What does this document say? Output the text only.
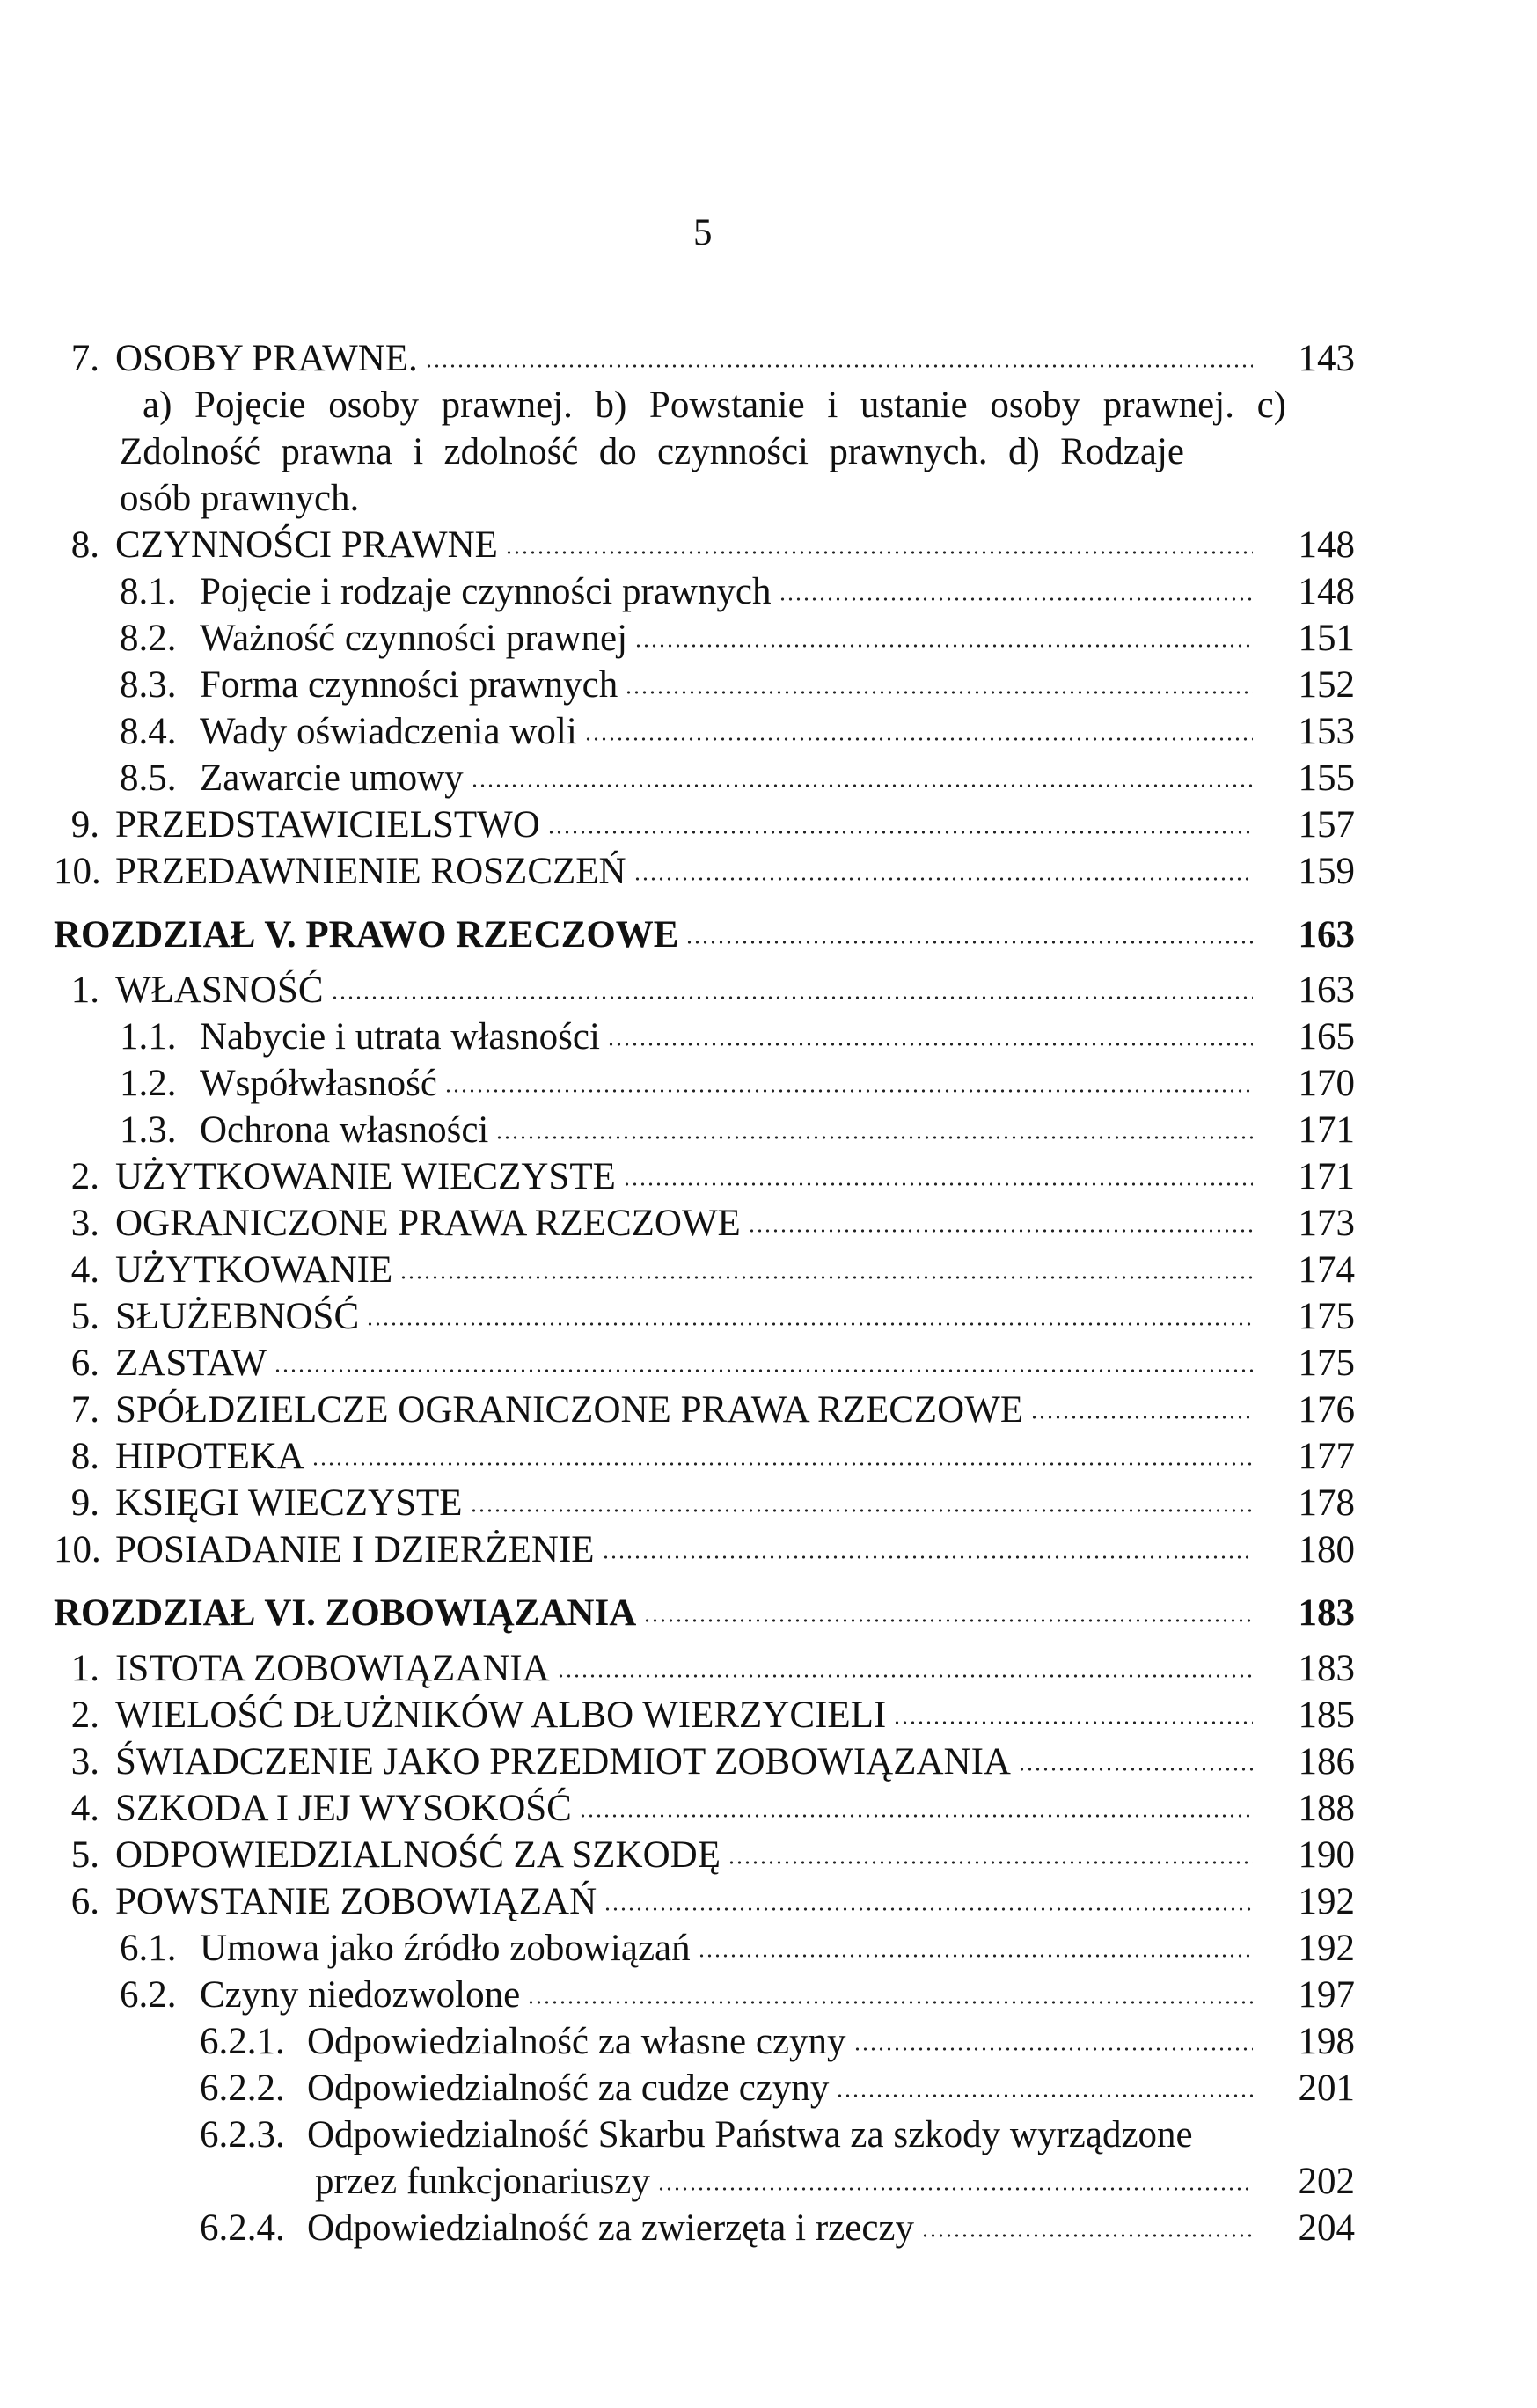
5
7. OSOBY PRAWNE.	143
a) Pojęcie osoby prawnej. b) Powstanie i ustanie osoby prawnej. c)
Zdolność prawna i zdolność do czynności prawnych. d) Rodzaje
osób prawnych.
8. CZYNNOŚCI PRAWNE	148
8.1. Pojęcie i rodzaje czynności prawnych	148
8.2. Ważność czynności prawnej	151
8.3. Forma czynności prawnych	152
8.4. Wady oświadczenia woli	153
8.5. Zawarcie umowy	155
9. PRZEDSTAWICIELSTWO	157
10. PRZEDAWNIENIE ROSZCZEŃ	159
ROZDZIAŁ V. PRAWO RZECZOWE	163
1. WŁASNOŚĆ	163
1.1. Nabycie i utrata własności	165
1.2. Współwłasność	170
1.3. Ochrona własności	171
2. UŻYTKOWANIE WIECZYSTE	171
3. OGRANICZONE PRAWA RZECZOWE	173
4. UŻYTKOWANIE	174
5. SŁUŻEBNOŚĆ	175
6. ZASTAW	175
7. SPÓŁDZIELCZE OGRANICZONE PRAWA RZECZOWE	176
8. HIPOTEKA	177
9. KSIĘGI WIECZYSTE	178
10. POSIADANIE I DZIERŻENIE	180
ROZDZIAŁ VI. ZOBOWIĄZANIA	183
1. ISTOTA ZOBOWIĄZANIA	183
2. WIELOŚĆ DŁUŻNIKÓW ALBO WIERZYCIELI	185
3. ŚWIADCZENIE JAKO PRZEDMIOT ZOBOWIĄZANIA	186
4. SZKODA I JEJ WYSOKOŚĆ	188
5. ODPOWIEDZIALNOŚĆ ZA SZKODĘ	190
6. POWSTANIE ZOBOWIĄZAŃ	192
6.1. Umowa jako źródło zobowiązań	192
6.2. Czyny niedozwolone	197
6.2.1. Odpowiedzialność za własne czyny	198
6.2.2. Odpowiedzialność za cudze czyny	201
6.2.3. Odpowiedzialność Skarbu Państwa za szkody wyrządzone
przez funkcjonariuszy	202
6.2.4. Odpowiedzialność za zwierzęta i rzeczy	204
